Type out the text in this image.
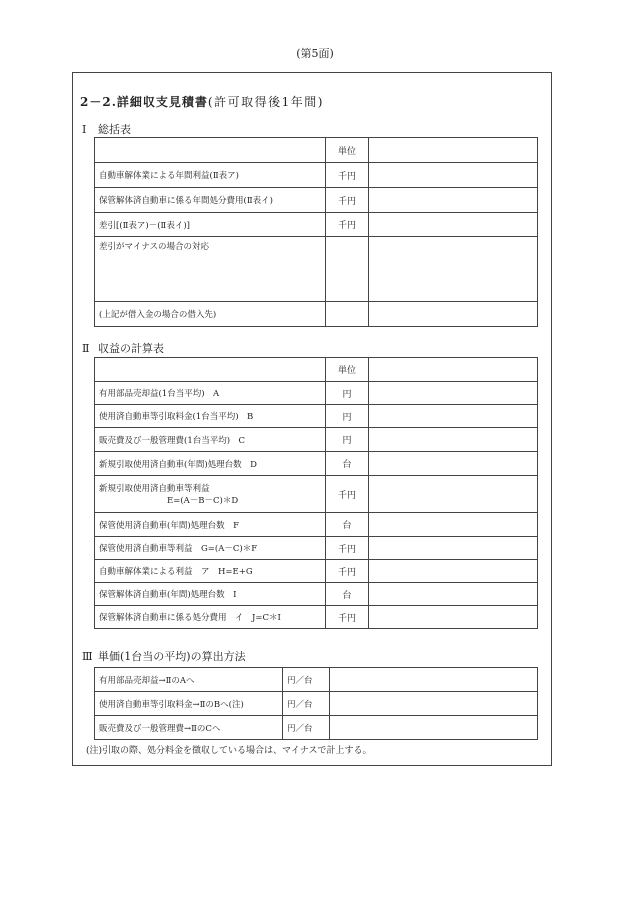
(第5面)
2－2.詳細収支見積書(許可取得後1年間)
Ⅰ 総括表
	単位	
自動車解体業による年間利益(Ⅱ表ア)	千円	
保管解体済自動車に係る年間処分費用(Ⅱ表イ)	千円	
差引[(Ⅱ表ア)－(Ⅱ表イ)]	千円	
差引がマイナスの場合の対応		
(上記が借入金の場合の借入先)		
Ⅱ 収益の計算表
	単位	
有用部品売却益(1台当平均)　A	円	
使用済自動車等引取料金(1台当平均)　B	円	
販売費及び一般管理費(1台当平均)　C	円	
新規引取使用済自動車(年間)処理台数　D	台	
新規引取使用済自動車等利益
E=(A－B－C)＊D	千円	
保管使用済自動車(年間)処理台数　F	台	
保管使用済自動車等利益　G=(A－C)＊F	千円	
自動車解体業による利益　ア　H=E+G	千円	
保管解体済自動車(年間)処理台数　I	台	
保管解体済自動車に係る処分費用　イ　J=C＊I	千円	
Ⅲ 単価(1台当の平均)の算出方法
有用部品売却益→ⅡのAへ	円／台	
使用済自動車等引取料金→ⅡのBへ(注)	円／台	
販売費及び一般管理費→ⅡのCへ	円／台	
(注)引取の際、処分料金を徴収している場合は、マイナスで計上する。
